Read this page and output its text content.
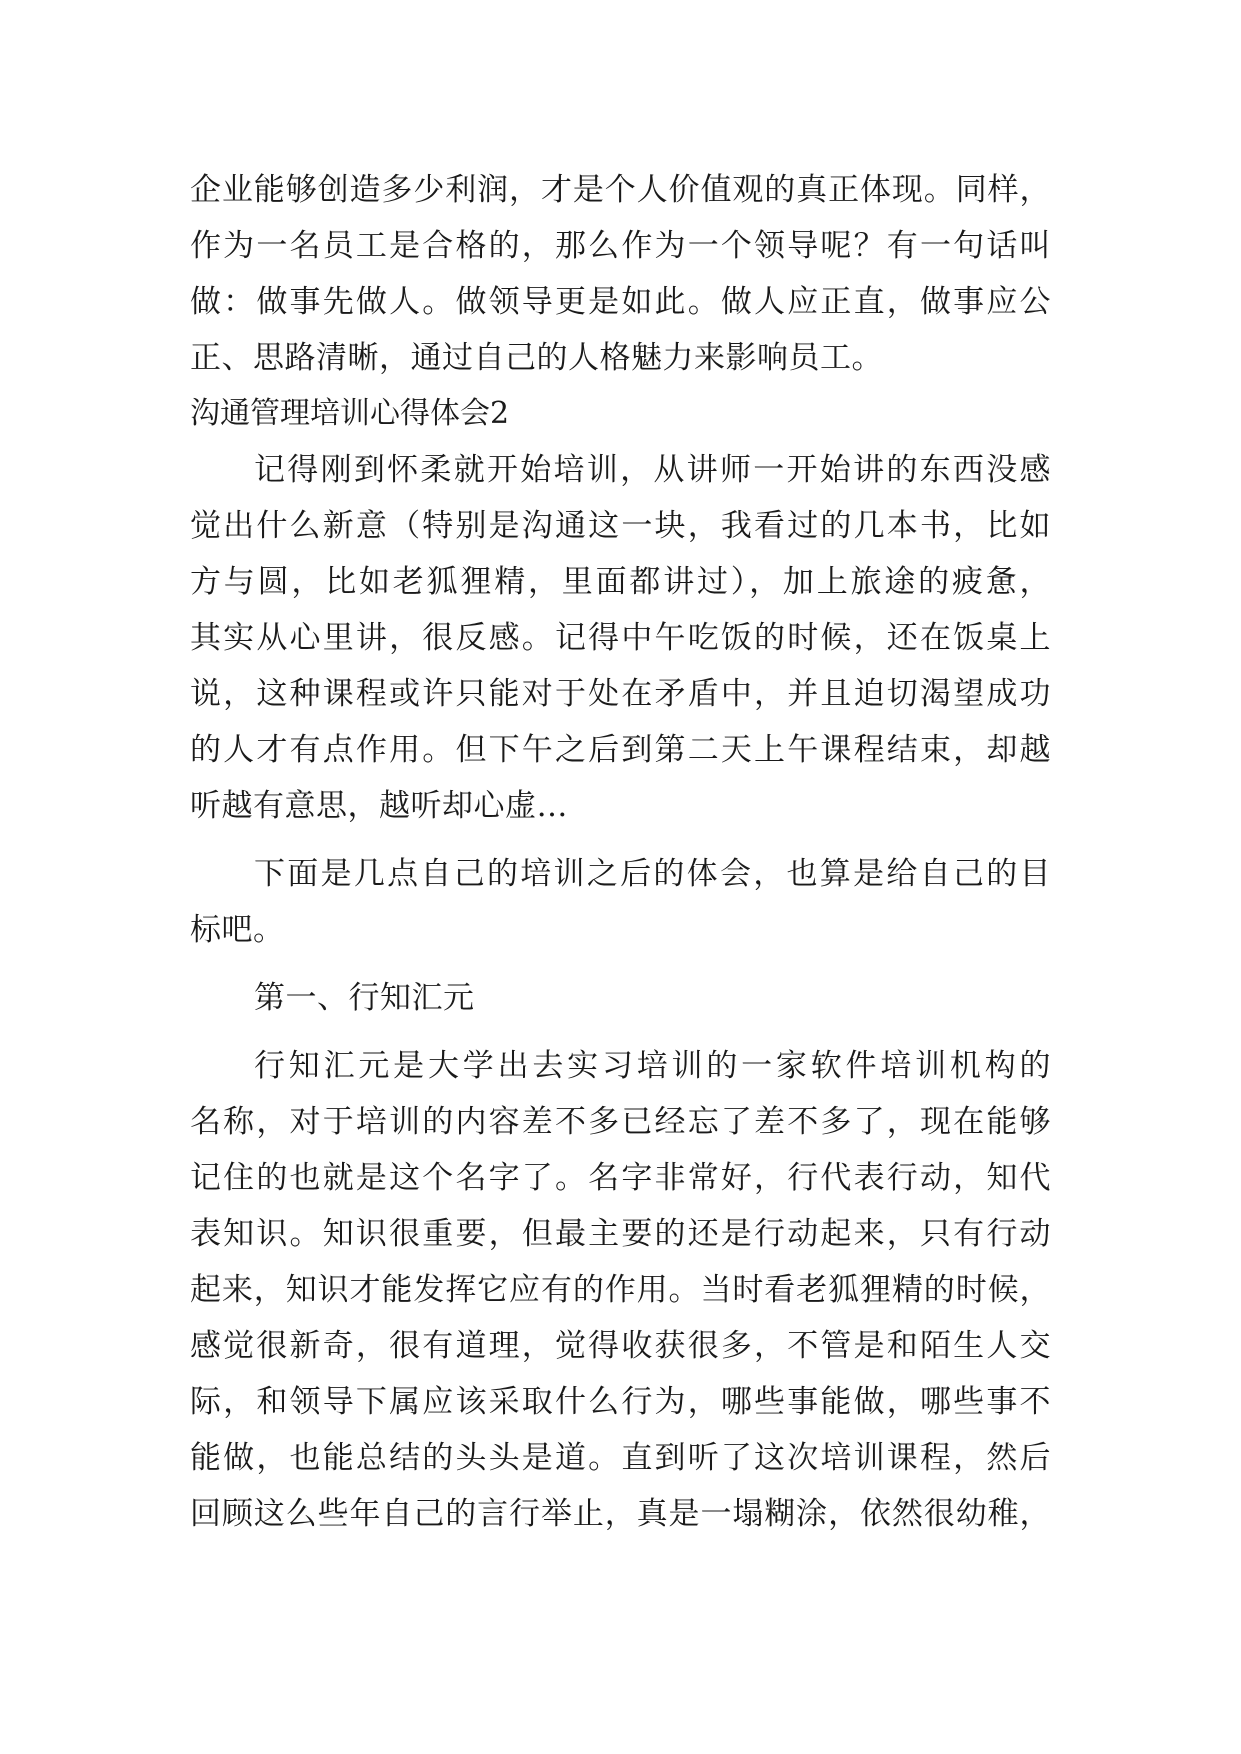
企业能够创造多少利润，才是个人价值观的真正体现。同样，
作为一名员工是合格的，那么作为一个领导呢？有一句话叫
做：做事先做人。做领导更是如此。做人应正直，做事应公
正、思路清晰，通过自己的人格魅力来影响员工。
沟通管理培训心得体会2
记得刚到怀柔就开始培训，从讲师一开始讲的东西没感
觉出什么新意（特别是沟通这一块，我看过的几本书，比如
方与圆，比如老狐狸精，里面都讲过），加上旅途的疲惫，
其实从心里讲，很反感。记得中午吃饭的时候，还在饭桌上
说，这种课程或许只能对于处在矛盾中，并且迫切渴望成功
的人才有点作用。但下午之后到第二天上午课程结束，却越
听越有意思，越听却心虚…
下面是几点自己的培训之后的体会，也算是给自己的目
标吧。
第一、行知汇元
行知汇元是大学出去实习培训的一家软件培训机构的
名称，对于培训的内容差不多已经忘了差不多了，现在能够
记住的也就是这个名字了。名字非常好，行代表行动，知代
表知识。知识很重要，但最主要的还是行动起来，只有行动
起来，知识才能发挥它应有的作用。当时看老狐狸精的时候，
感觉很新奇，很有道理，觉得收获很多，不管是和陌生人交
际，和领导下属应该采取什么行为，哪些事能做，哪些事不
能做，也能总结的头头是道。直到听了这次培训课程，然后
回顾这么些年自己的言行举止，真是一塌糊涂，依然很幼稚，
